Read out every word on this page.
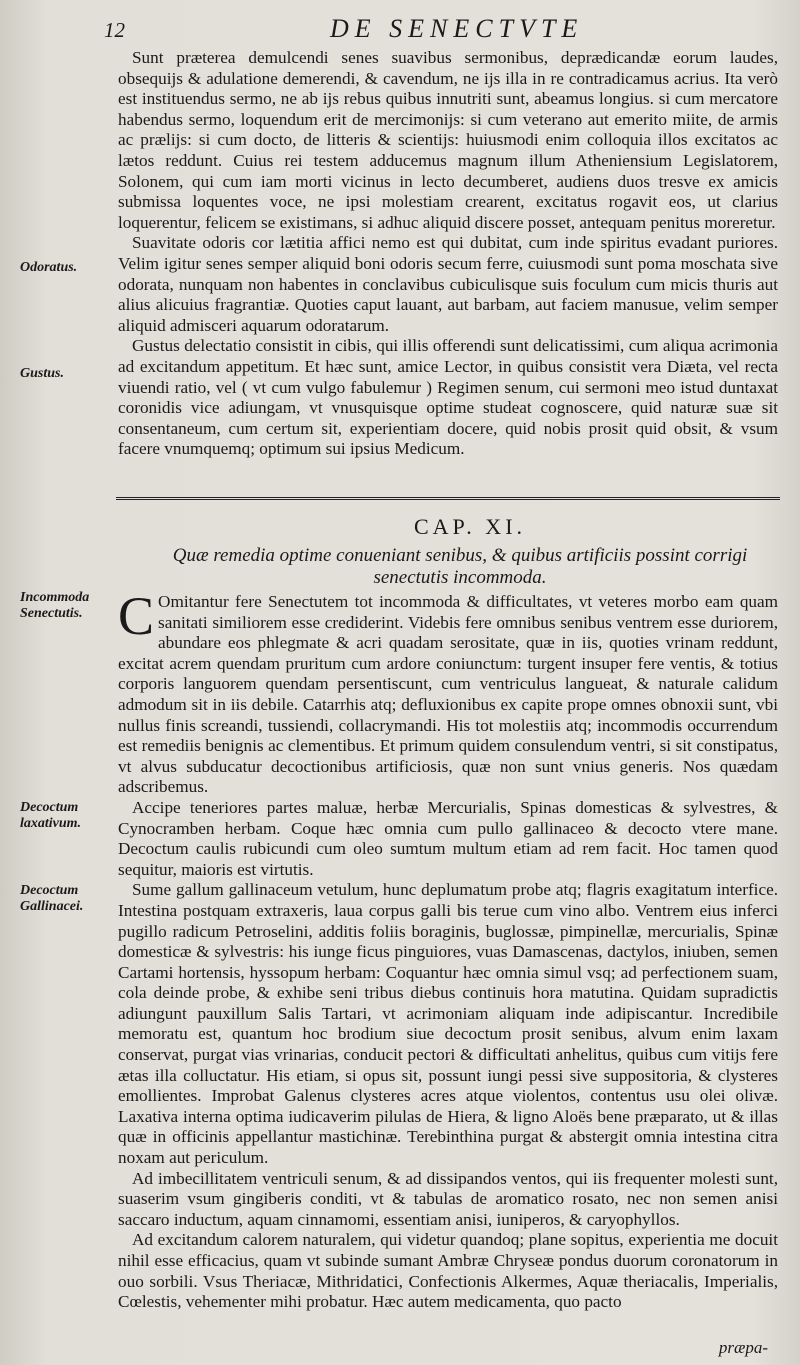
12	DE SENECTVTE
Odoratus.
Gustus.
Incommoda Senectutis.
Decoctum laxativum.
Decoctum Gallinacei.

Sunt præterea demulcendi senes suavibus sermonibus, deprædicandæ eorum laudes, obsequijs & adulatione demerendi, & cavendum, ne ijs illa in re contradicamus acrius. Ita verò est instituendus sermo, ne ab ijs rebus quibus innutriti sunt, abeamus longius. si cum mercatore habendus sermo, loquendum erit de mercimonijs: si cum veterano aut emerito miite, de armis ac prælijs: si cum docto, de litteris & scientijs: huiusmodi enim colloquia illos excitatos ac lætos reddunt. Cuius rei testem adducemus magnum illum Atheniensium Legislatorem, Solonem, qui cum iam morti vicinus in lecto decumberet, audiens duos tresve ex amicis submissa loquentes voce, ne ipsi molestiam crearent, excitatus rogavit eos, ut clarius loquerentur, felicem se existimans, si adhuc aliquid discere posset, antequam penitus moreretur.

Suavitate odoris cor lætitia affici nemo est qui dubitat, cum inde spiritus evadant puriores. Velim igitur senes semper aliquid boni odoris secum ferre, cuiusmodi sunt poma moschata sive odorata, nunquam non habentes in conclavibus cubiculisque suis foculum cum micis thuris aut alius alicuius fragrantiæ. Quoties caput lauant, aut barbam, aut faciem manusue, velim semper aliquid admisceri aquarum odoratarum.

Gustus delectatio consistit in cibis, qui illis offerendi sunt delicatissimi, cum aliqua acrimonia ad excitandum appetitum. Et hæc sunt, amice Lector, in quibus consistit vera Diæta, vel recta viuendi ratio, vel ( vt cum vulgo fabulemur ) Regimen senum, cui sermoni meo istud duntaxat coronidis vice adiungam, vt vnusquisque optime studeat cognoscere, quid naturæ suæ sit consentaneum, cum certum sit, experientiam docere, quid nobis prosit quid obsit, & vsum facere vnumquemq; optimum sui ipsius Medicum.

CAP. XI.
Quæ remedia optime conueniant senibus, & quibus artificiis possint corrigi senectutis incommoda.

C Omitantur fere Senectutem tot incommoda & difficultates, vt veteres morbo eam quam sanitati similiorem esse crediderint. Videbis fere omnibus senibus ventrem esse duriorem, abundare eos phlegmate & acri quadam serositate, quæ in iis, quoties vrinam reddunt, excitat acrem quendam pruritum cum ardore coniunctum: turgent insuper fere ventis, & totius corporis languorem quendam persentiscunt, cum ventriculus langueat, & naturale calidum admodum sit in iis debile. Catarrhis atq; defluxionibus ex capite prope omnes obnoxii sunt, vbi nullus finis screandi, tussiendi, collacrymandi. His tot molestiis atq; incommodis occurrendum est remediis benignis ac clementibus. Et primum quidem consulendum ventri, si sit constipatus, vt alvus subducatur decoctionibus artificiosis, quæ non sunt vnius generis. Nos quædam adscribemus.

Accipe teneriores partes maluæ, herbæ Mercurialis, Spinas domesticas & sylvestres, & Cynocramben herbam. Coque hæc omnia cum pullo gallinaceo & decocto vtere mane. Decoctum caulis rubicundi cum oleo sumtum multum etiam ad rem facit. Hoc tamen quod sequitur, maioris est virtutis.

Sume gallum gallinaceum vetulum, hunc deplumatum probe atq; flagris exagitatum interfice. Intestina postquam extraxeris, laua corpus galli bis terue cum vino albo. Ventrem eius inferci pugillo radicum Petroselini, additis foliis boraginis, buglossæ, pimpinellæ, mercurialis, Spinæ domesticæ & sylvestris: his iunge ficus pinguiores, vuas Damascenas, dactylos, iniuben, semen Cartami hortensis, hyssopum herbam: Coquantur hæc omnia simul vsq; ad perfectionem suam, cola deinde probe, & exhibe seni tribus diebus continuis hora matutina. Quidam supradictis adiungunt pauxillum Salis Tartari, vt acrimoniam aliquam inde adipiscantur. Incredibile memoratu est, quantum hoc brodium siue decoctum prosit senibus, alvum enim laxam conservat, purgat vias vrinarias, conducit pectori & difficultati anhelitus, quibus cum vitijs fere ætas illa colluctatur. His etiam, si opus sit, possunt iungi pessi sive suppositoria, & clysteres emollientes. Improbat Galenus clysteres acres atque violentos, contentus usu olei olivæ. Laxativa interna optima iudicaverim pilulas de Hiera, & ligno Aloës bene præparato, ut & illas quæ in officinis appellantur mastichinæ. Terebinthina purgat & abstergit omnia intestina citra noxam aut periculum.

Ad imbecillitatem ventriculi senum, & ad dissipandos ventos, qui iis frequenter molesti sunt, suaserim vsum gingiberis conditi, vt & tabulas de aromatico rosato, nec non semen anisi saccaro inductum, aquam cinnamomi, essentiam anisi, iuniperos, & caryophyllos.

Ad excitandum calorem naturalem, qui videtur quandoq; plane sopitus, experientia me docuit nihil esse efficacius, quam vt subinde sumant Ambræ Chryseæ pondus duorum coronatorum in ouo sorbili. Vsus Theriacæ, Mithridatici, Confectionis Alkermes, Aquæ theriacalis, Imperialis, Cœlestis, vehementer mihi probatur. Hæc autem medicamenta, quo pacto

præpa-
